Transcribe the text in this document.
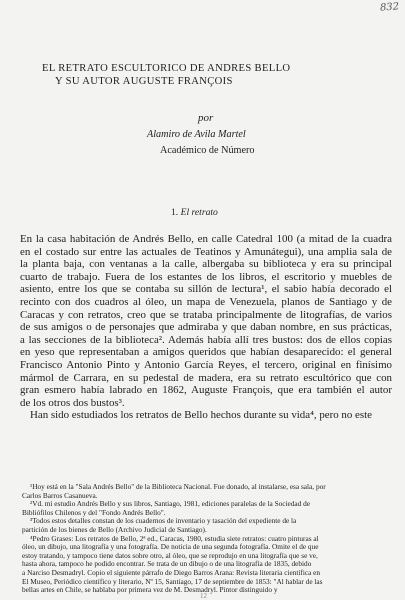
832
EL RETRATO ESCULTORICO DE ANDRES BELLO
Y SU AUTOR AUGUSTE FRANÇOIS
por
Alamiro de Avila Martel
Académico de Número
1. El retrato
En la casa habitación de Andrés Bello, en calle Catedral 100 (a mitad de la cuadra
en el costado sur entre las actuales de Teatinos y Amunátegui), una amplia sala de
la planta baja, con ventanas a la calle, albergaba su biblioteca y era su principal
cuarto de trabajo. Fuera de los estantes de los libros, el escritorio y muebles de
asiento, entre los que se contaba su sillón de lectura¹, el sabio había decorado el
recinto con dos cuadros al óleo, un mapa de Venezuela, planos de Santiago y de
Caracas y con retratos, creo que se trataba principalmente de litografías, de varios
de sus amigos o de personajes que admiraba y que daban nombre, en sus prácticas,
a las secciones de la biblioteca². Además había allí tres bustos: dos de ellos copias
en yeso que representaban a amigos queridos que habían desaparecido: el general
Francisco Antonio Pinto y Antonio García Reyes, el tercero, original en finísimo
mármol de Carrara, en su pedestal de madera, era su retrato escultórico que con
gran esmero había labrado en 1862, Auguste François, que era también el autor
de los otros dos bustos³.
Han sido estudiados los retratos de Bello hechos durante su vida⁴, pero no este
¹Hoy está en la "Sala Andrés Bello" de la Biblioteca Nacional. Fue donado, al instalarse, esa sala, por
Carlos Barros Casanueva.
²Vd. mi estudio Andrés Bello y sus libros, Santiago, 1981, ediciones paralelas de la Sociedad de
Bibliófilos Chilenos y del "Fondo Andrés Bello".
³Todos estos detalles constan de los cuadernos de inventario y tasación del expediente de la
partición de los bienes de Bello (Archivo Judicial de Santiago).
⁴Pedro Grases: Los retratos de Bello, 2ª ed., Caracas, 1980, estudia siete retratos: cuatro pinturas al
óleo, un dibujo, una litografía y una fotografía. De noticia de una segunda fotografía. Omite el de que
estoy tratando, y tampoco tiene datos sobre otro, al óleo, que se reprodujo en una litografía que se ve,
hasta ahora, tampoco he podido encontrar. Se trata de un dibujo o de una litografía de 1835, debido
a Narciso Desmadryl. Copio el siguiente párrafo de Diego Barros Arana: Revista literaria científica en
El Museo, Periódico científico y literario, Nº 15, Santiago, 17 de septiembre de 1853: "Al hablar de las
bellas artes en Chile, se hablaba por primera vez de M. Desmadryl. Pintor distinguido y
12
